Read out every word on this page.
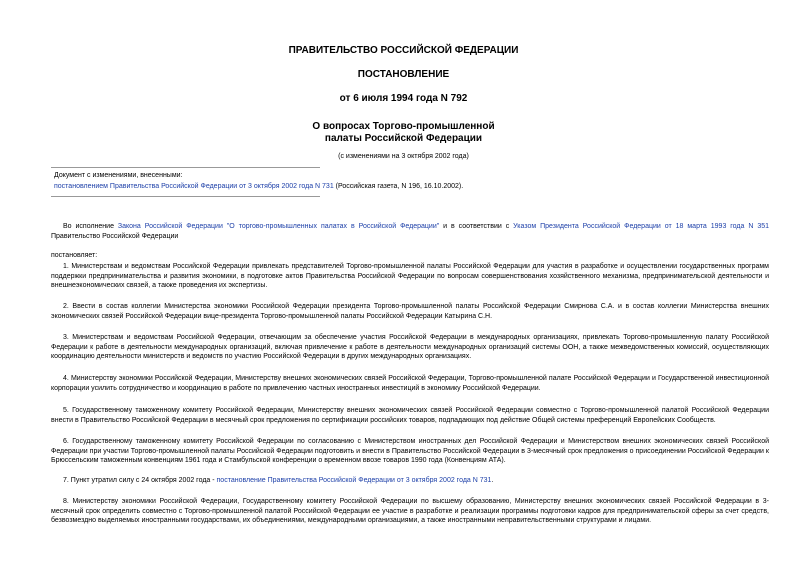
ПРАВИТЕЛЬСТВО РОССИЙСКОЙ ФЕДЕРАЦИИ
ПОСТАНОВЛЕНИЕ
от 6 июля 1994 года N 792
О вопросах Торгово-промышленной
палаты Российской Федерации
(с изменениями на 3 октября 2002 года)
Документ с изменениями, внесенными:
постановлением Правительства Российской Федерации от 3 октября 2002 года N 731 (Российская газета, N 196, 16.10.2002).
Во исполнение Закона Российской Федерации "О торгово-промышленных палатах в Российской Федерации" и в соответствии с Указом Президента Российской Федерации от 18 марта 1993 года N 351 Правительство Российской Федерации
постановляет:
1. Министерствам и ведомствам Российской Федерации привлекать представителей Торгово-промышленной палаты Российской Федерации для участия в разработке и осуществлении государственных программ поддержки предпринимательства и развития экономики, в подготовке актов Правительства Российской Федерации по вопросам совершенствования хозяйственного механизма, предпринимательской деятельности и внешнеэкономических связей, а также проведения их экспертизы.
2. Ввести в состав коллегии Министерства экономики Российской Федерации президента Торгово-промышленной палаты Российской Федерации Смирнова С.А. и в состав коллегии Министерства внешних экономических связей Российской Федерации вице-президента Торгово-промышленной палаты Российской Федерации Катырина С.Н.
3. Министерствам и ведомствам Российской Федерации, отвечающим за обеспечение участия Российской Федерации в международных организациях, привлекать Торгово-промышленную палату Российской Федерации к работе в деятельности международных организаций, включая привлечение к работе в деятельности международных организаций системы ООН, а также межведомственных комиссий, осуществляющих координацию деятельности министерств и ведомств по участию Российской Федерации в других международных организациях.
4. Министерству экономики Российской Федерации, Министерству внешних экономических связей Российской Федерации, Торгово-промышленной палате Российской Федерации и Государственной инвестиционной корпорации усилить сотрудничество и координацию в работе по привлечению частных иностранных инвестиций в экономику Российской Федерации.
5. Государственному таможенному комитету Российской Федерации, Министерству внешних экономических связей Российской Федерации совместно с Торгово-промышленной палатой Российской Федерации внести в Правительство Российской Федерации в месячный срок предложения по сертификации российских товаров, подпадающих под действие Общей системы преференций Европейских Сообществ.
6. Государственному таможенному комитету Российской Федерации по согласованию с Министерством иностранных дел Российской Федерации и Министерством внешних экономических связей Российской Федерации при участии Торгово-промышленной палаты Российской Федерации подготовить и внести в Правительство Российской Федерации в 3-месячный срок предложения о присоединении Российской Федерации к Брюссельским таможенным конвенциям 1961 года и Стамбульской конференции о временном ввозе товаров 1990 года (Конвенциям АТА).
7. Пункт утратил силу с 24 октября 2002 года - постановление Правительства Российской Федерации от 3 октября 2002 года N 731.
8. Министерству экономики Российской Федерации, Государственному комитету Российской Федерации по высшему образованию, Министерству внешних экономических связей Российской Федерации в 3-месячный срок определить совместно с Торгово-промышленной палатой Российской Федерации ее участие в разработке и реализации программы подготовки кадров для предпринимательской сферы за счет средств, безвозмездно выделяемых иностранными государствами, их объединениями, международными организациями, а также иностранными неправительственными структурами и лицами.
